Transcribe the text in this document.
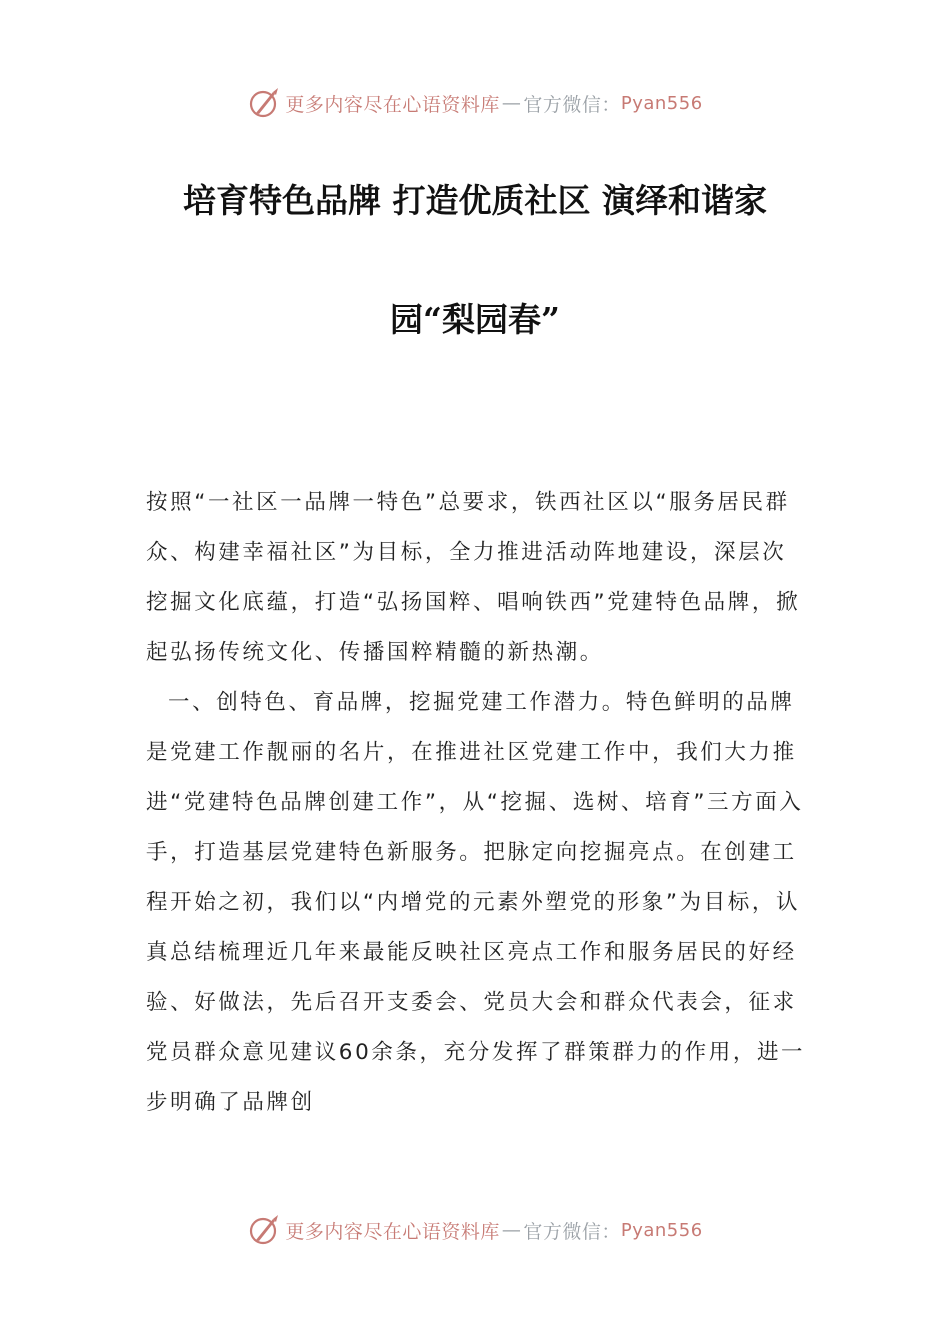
更多内容尽在心语资料库 — 官方微信： Pyan556
培育特色品牌 打造优质社区 演绎和谐家
园“梨园春”

按照“一社区一品牌一特色”总要求，铁西社区以“服务居民群众、构建幸福社区”为目标，全力推进活动阵地建设，深层次挖掘文化底蕴，打造“弘扬国粹、唱响铁西”党建特色品牌，掀起弘扬传统文化、传播国粹精髓的新热潮。

一、创特色、育品牌，挖掘党建工作潜力。特色鲜明的品牌是党建工作靓丽的名片，在推进社区党建工作中，我们大力推进“党建特色品牌创建工作”，从“挖掘、选树、培育”三方面入手，打造基层党建特色新服务。把脉定向挖掘亮点。在创建工程开始之初，我们以“内增党的元素外塑党的形象”为目标，认真总结梳理近几年来最能反映社区亮点工作和服务居民的好经验、好做法，先后召开支委会、党员大会和群众代表会，征求党员群众意见建议60余条，充分发挥了群策群力的作用，进一步明确了品牌创

更多内容尽在心语资料库 — 官方微信： Pyan556
